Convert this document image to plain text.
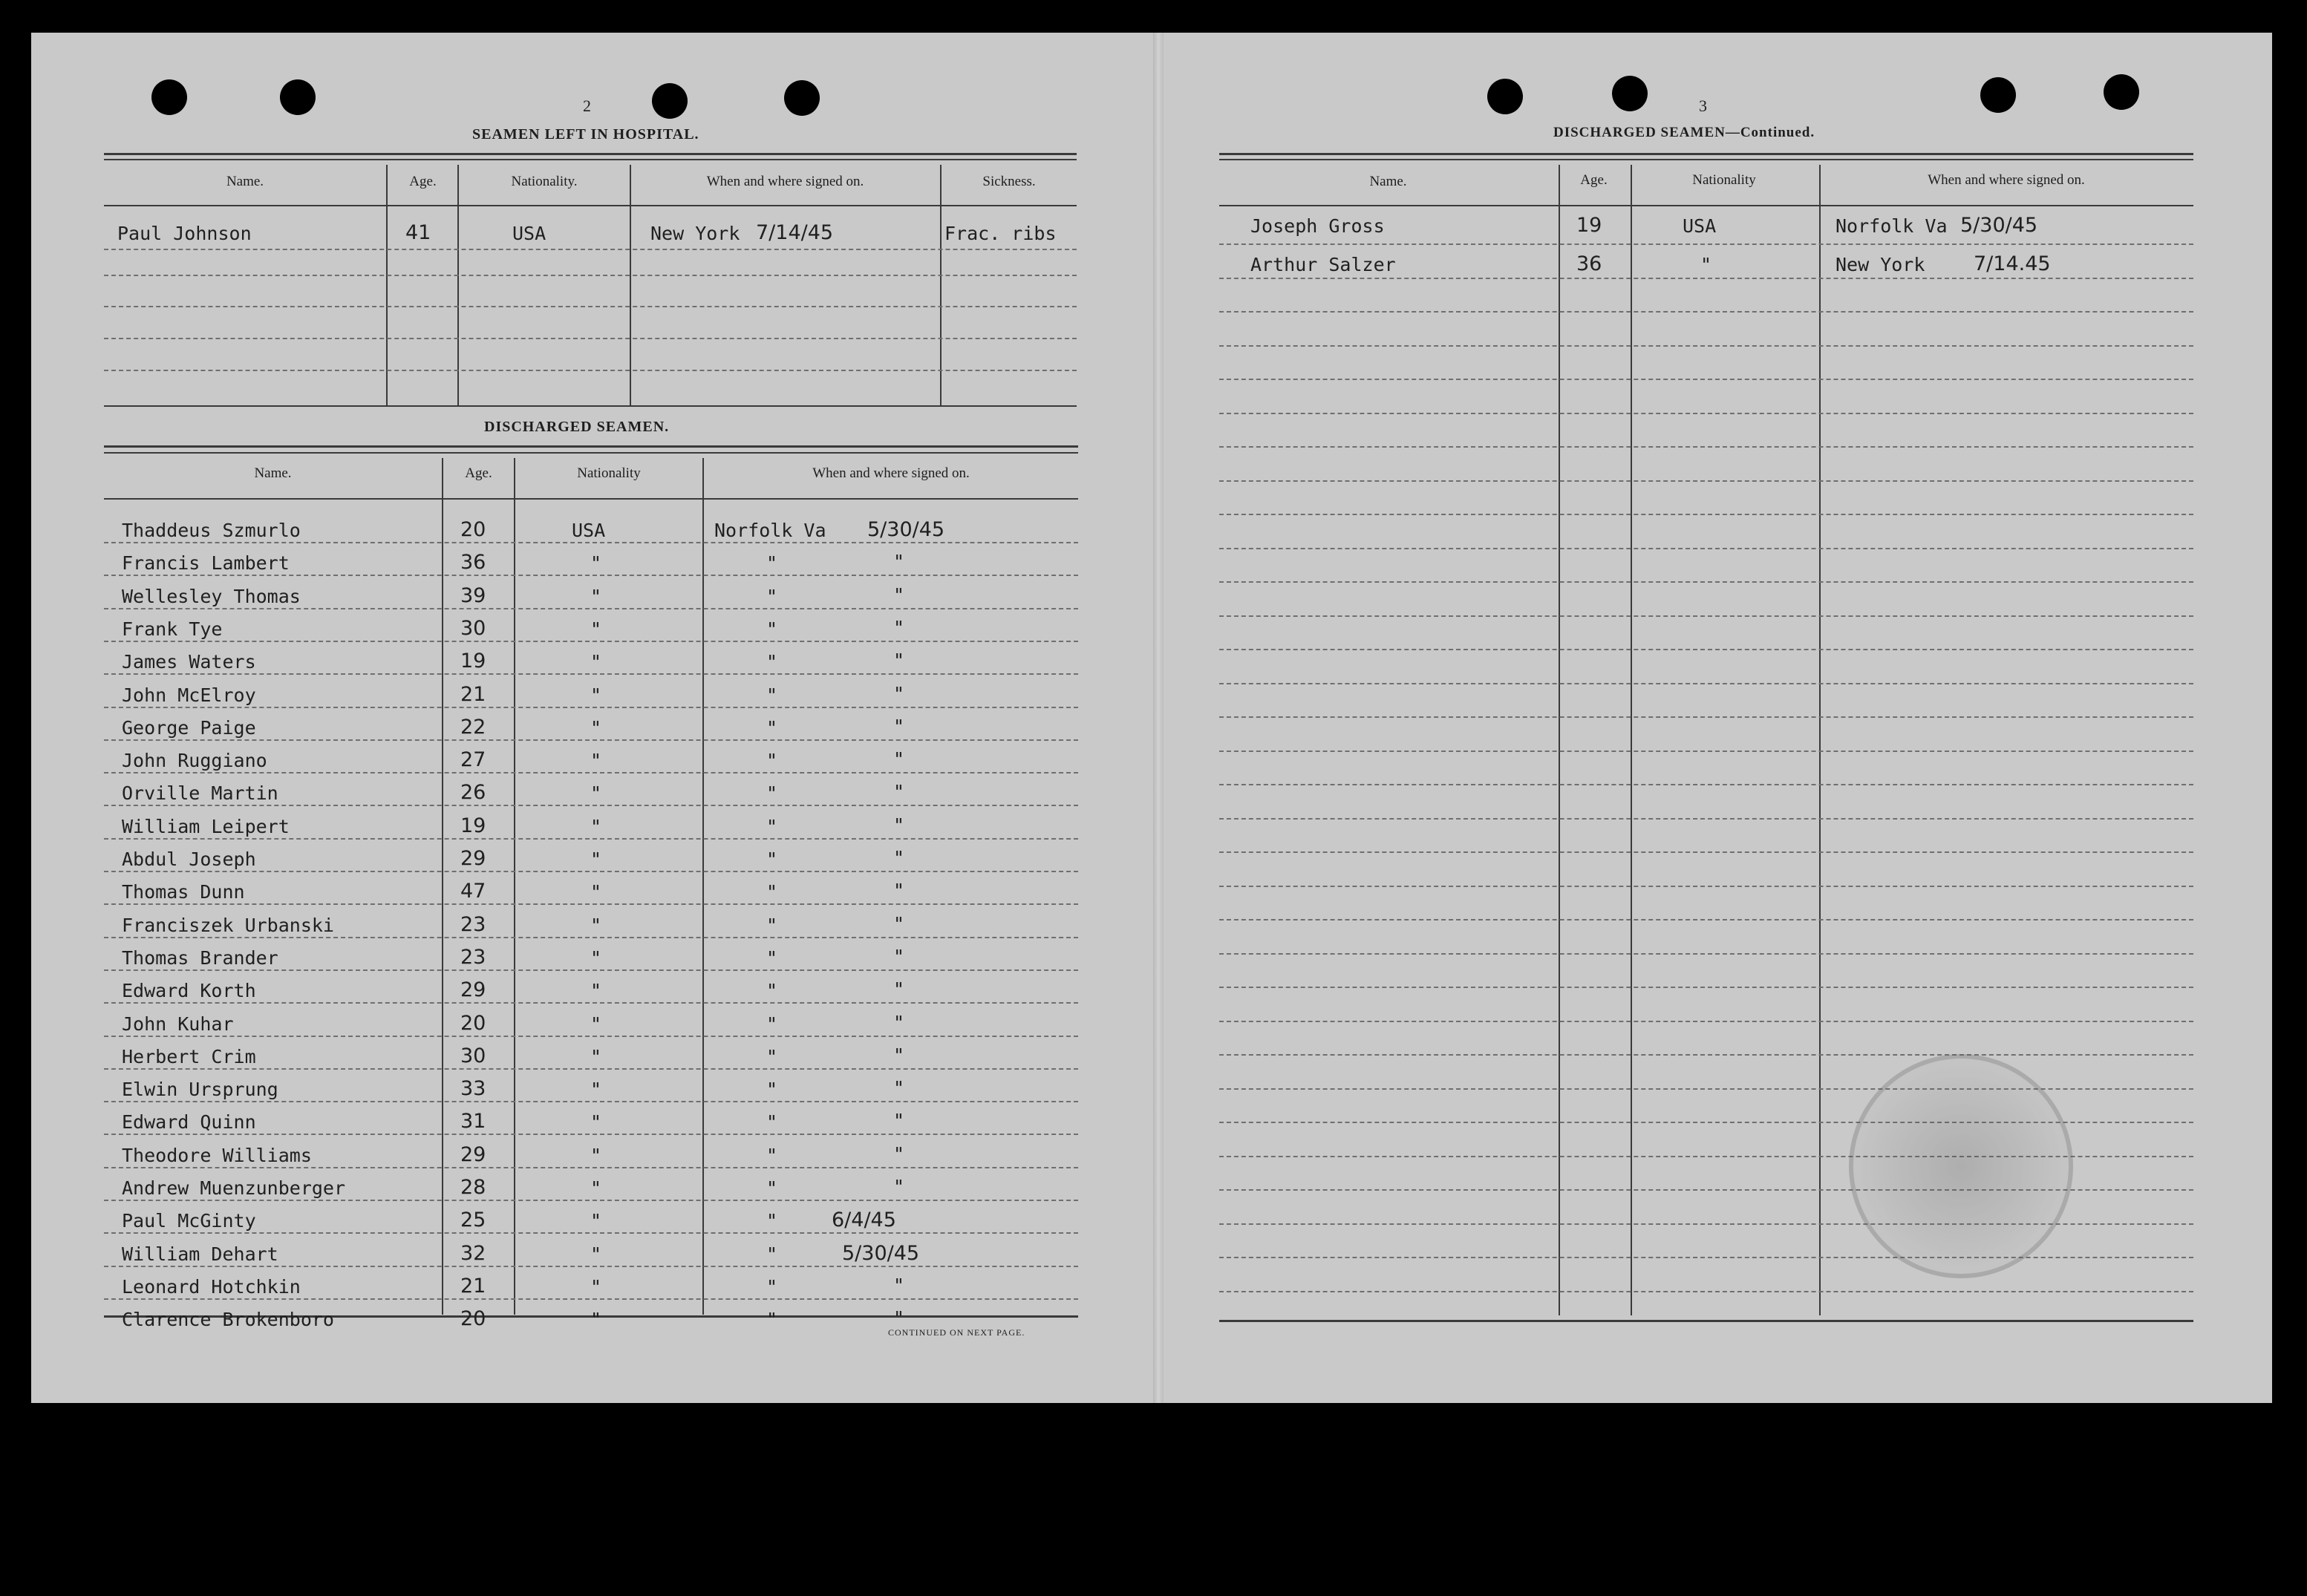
2
SEAMEN LEFT IN HOSPITAL.
Name.	Age.	Nationality.	When and where signed on.	Sickness.
Paul Johnson	41	USA	New York 7/14/45	Frac. ribs
DISCHARGED SEAMEN.
Name.	Age.	Nationality	When and where signed on.
Thaddeus Szmurlo	20	USA	Norfolk Va 5/30/45
Francis Lambert	36	"	"	"
Wellesley Thomas	39	"	"	"
Frank Tye	30	"	"	"
James Waters	19	"	"	"
John McElroy	21	"	"	"
George Paige	22	"	"	"
John Ruggiano	27	"	"	"
Orville Martin	26	"	"	"
William Leipert	19	"	"	"
Abdul Joseph	29	"	"	"
Thomas Dunn	47	"	"	"
Franciszek Urbanski	23	"	"	"
Thomas Brander	23	"	"	"
Edward Korth	29	"	"	"
John Kuhar	20	"	"	"
Herbert Crim	30	"	"	"
Elwin Ursprung	33	"	"	"
Edward Quinn	31	"	"	"
Theodore Williams	29	"	"	"
Andrew Muenzunberger	28	"	"	"
Paul McGinty	25	"	"	6/4/45
William Dehart	32	"	"	5/30/45
Leonard Hotchkin	21	"	"	"
Clarence Brokenboro	20	"	"	"
CONTINUED ON NEXT PAGE.
3
DISCHARGED SEAMEN—Continued.
Name.	Age.	Nationality	When and where signed on.
Joseph Gross	19	USA	Norfolk Va 5/30/45
Arthur Salzer	36	"	New York 7/14.45
